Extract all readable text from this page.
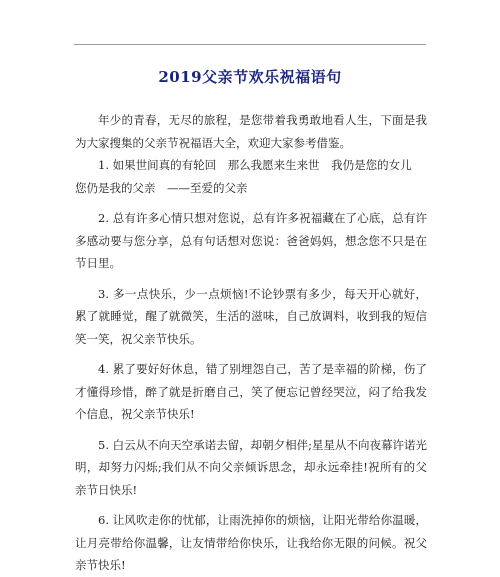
2019父亲节欢乐祝福语句

年少的青春，无尽的旅程，是您带着我勇敢地看人生，下面是我为大家搜集的父亲节祝福语大全，欢迎大家参考借鉴。

1. 如果世间真的有轮回　那么我愿来生来世　我仍是您的女儿

您仍是我的父亲　——至爱的父亲

2. 总有许多心情只想对您说，总有许多祝福藏在了心底，总有许多感动要与您分享，总有句话想对您说：爸爸妈妈，想念您不只是在节日里。

3. 多一点快乐，少一点烦恼!不论钞票有多少，每天开心就好，累了就睡觉，醒了就微笑，生活的滋味，自己放调料，收到我的短信笑一笑，祝父亲节快乐。

4. 累了要好好休息，错了别埋怨自己，苦了是幸福的阶梯，伤了才懂得珍惜，醉了就是折磨自己，笑了便忘记曾经哭泣，闷了给我发个信息，祝父亲节快乐!

5. 白云从不向天空承诺去留，却朝夕相伴;星星从不向夜幕许诺光明，却努力闪烁;我们从不向父亲倾诉思念，却永远牵挂!祝所有的父亲节日快乐!

6. 让风吹走你的忧郁，让雨洗掉你的烦恼，让阳光带给你温暖，让月亮带给你温馨，让友情带给你快乐，让我给你无限的问候。祝父亲节快乐!
